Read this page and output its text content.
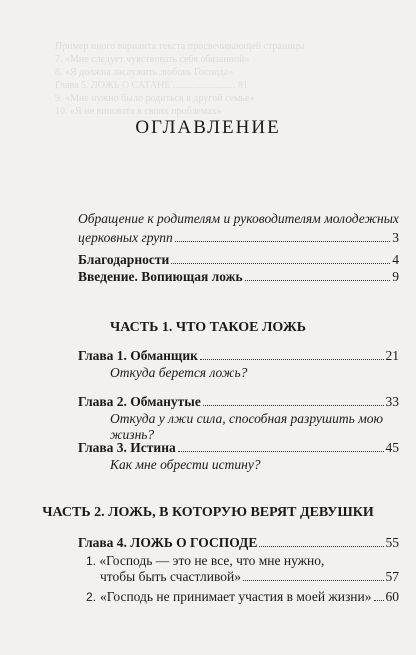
Пример иного варианта текста просвечивающей страницы
7. «Мне следует чувствовать себя обязанной»
8. «Я должна заслужить любовь Господа»
Глава 5. ЛОЖЬ О САТАНЕ ......................... 81
9. «Мне нужно было родиться в другой семье»
10. «Я не виновата в своих проблемах»
ОГЛАВЛЕНИЕ
Обращение к родителям и руководителям молодежных
церковных групп	3
Благодарности	4
Введение. Вопиющая ложь	9
ЧАСТЬ 1. ЧТО ТАКОЕ ЛОЖЬ
Глава 1. Обманщик	21
Откуда берется ложь?
Глава 2. Обманутые	33
Откуда у лжи сила, способная разрушить мою жизнь?
Глава 3. Истина	45
Как мне обрести истину?
ЧАСТЬ 2. ЛОЖЬ, В КОТОРУЮ ВЕРЯТ ДЕВУШКИ
Глава 4. ЛОЖЬ О ГОСПОДЕ	55
1. «Господь — это не все, что мне нужно,
чтобы быть счастливой»	57
2. «Господь не принимает участия в моей жизни» 60
